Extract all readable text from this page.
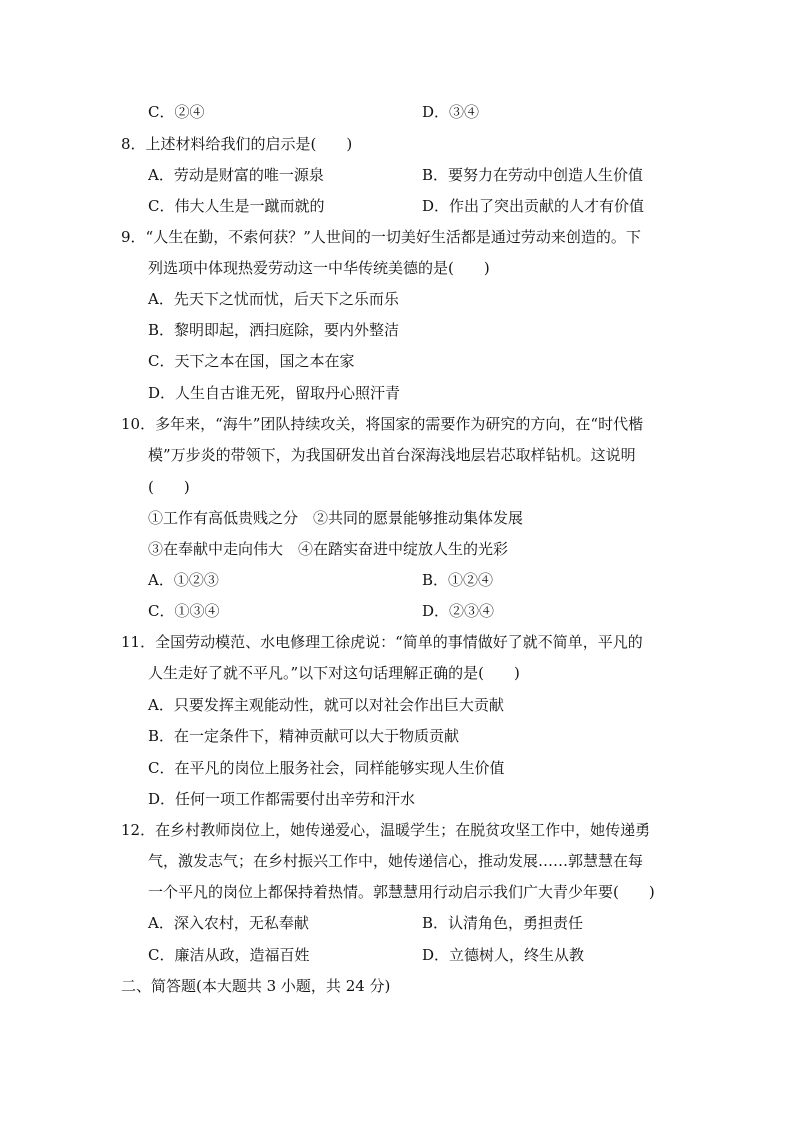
C．②④	D．③④
8．上述材料给我们的启示是(　　)
A．劳动是财富的唯一源泉	B．要努力在劳动中创造人生价值
C．伟大人生是一蹴而就的	D．作出了突出贡献的人才有价值
9．“人生在勤，不索何获？”人世间的一切美好生活都是通过劳动来创造的。下
列选项中体现热爱劳动这一中华传统美德的是(　　)
A．先天下之忧而忧，后天下之乐而乐
B．黎明即起，洒扫庭除，要内外整洁
C．天下之本在国，国之本在家
D．人生自古谁无死，留取丹心照汗青
10．多年来，“海牛”团队持续攻关，将国家的需要作为研究的方向，在“时代楷
模”万步炎的带领下，为我国研发出首台深海浅地层岩芯取样钻机。这说明
(　　)
①工作有高低贵贱之分　②共同的愿景能够推动集体发展
③在奉献中走向伟大　④在踏实奋进中绽放人生的光彩
A．①②③	B．①②④
C．①③④	D．②③④
11．全国劳动模范、水电修理工徐虎说：“简单的事情做好了就不简单，平凡的
人生走好了就不平凡。”以下对这句话理解正确的是(　　)
A．只要发挥主观能动性，就可以对社会作出巨大贡献
B．在一定条件下，精神贡献可以大于物质贡献
C．在平凡的岗位上服务社会，同样能够实现人生价值
D．任何一项工作都需要付出辛劳和汗水
12．在乡村教师岗位上，她传递爱心，温暖学生；在脱贫攻坚工作中，她传递勇
气，激发志气；在乡村振兴工作中，她传递信心，推动发展……郭慧慧在每
一个平凡的岗位上都保持着热情。郭慧慧用行动启示我们广大青少年要(　　)
A．深入农村，无私奉献	B．认清角色，勇担责任
C．廉洁从政，造福百姓	D．立德树人，终生从教
二、简答题(本大题共 3 小题，共 24 分)
